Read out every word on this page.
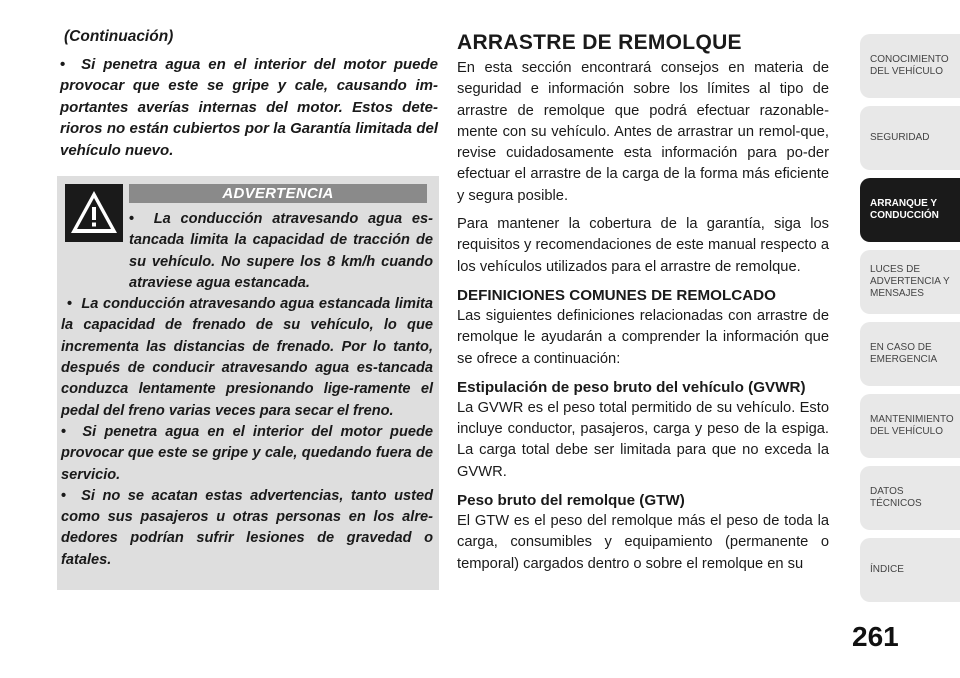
(Continuación)

•  Si penetra agua en el interior del motor puede provocar que este se gripe y cale, causando im-portantes averías internas del motor. Estos dete-rioros no están cubiertos por la Garantía limitada del vehículo nuevo.

ADVERTENCIA

•  La conducción atravesando agua es-tancada limita la capacidad de tracción de su vehículo. No supere los 8 km/h cuando atraviese agua estancada.

•  La conducción atravesando agua estancada limita la capacidad de frenado de su vehículo, lo que incrementa las distancias de frenado. Por lo tanto, después de conducir atravesando agua es-tancada conduzca lentamente presionando lige-ramente el pedal del freno varias veces para secar el freno.

•  Si penetra agua en el interior del motor puede provocar que este se gripe y cale, quedando fuera de servicio.

•  Si no se acatan estas advertencias, tanto usted como sus pasajeros u otras personas en los alre-dedores podrían sufrir lesiones de gravedad o fatales.

ARRASTRE DE REMOLQUE

En esta sección encontrará consejos en materia de seguridad e información sobre los límites al tipo de arrastre de remolque que podrá efectuar razonable-mente con su vehículo. Antes de arrastrar un remol-que, revise cuidadosamente esta información para po-der efectuar el arrastre de la carga de la forma más eficiente y segura posible.

Para mantener la cobertura de la garantía, siga los requisitos y recomendaciones de este manual respecto a los vehículos utilizados para el arrastre de remolque.

DEFINICIONES COMUNES DE REMOLCADO

Las siguientes definiciones relacionadas con arrastre de remolque le ayudarán a comprender la información que se ofrece a continuación:

Estipulación de peso bruto del vehículo (GVWR)

La GVWR es el peso total permitido de su vehículo. Esto incluye conductor, pasajeros, carga y peso de la espiga. La carga total debe ser limitada para que no exceda la GVWR.

Peso bruto del remolque (GTW)

El GTW es el peso del remolque más el peso de toda la carga, consumibles y equipamiento (permanente o temporal) cargados dentro o sobre el remolque en su

CONOCIMIENTO
DEL VEHÍCULO
SEGURIDAD
ARRANQUE Y
CONDUCCIÓN
LUCES DE
ADVERTENCIA Y
MENSAJES
EN CASO DE
EMERGENCIA
MANTENIMIENTO
DEL VEHÍCULO
DATOS
TÉCNICOS
ÍNDICE
261
